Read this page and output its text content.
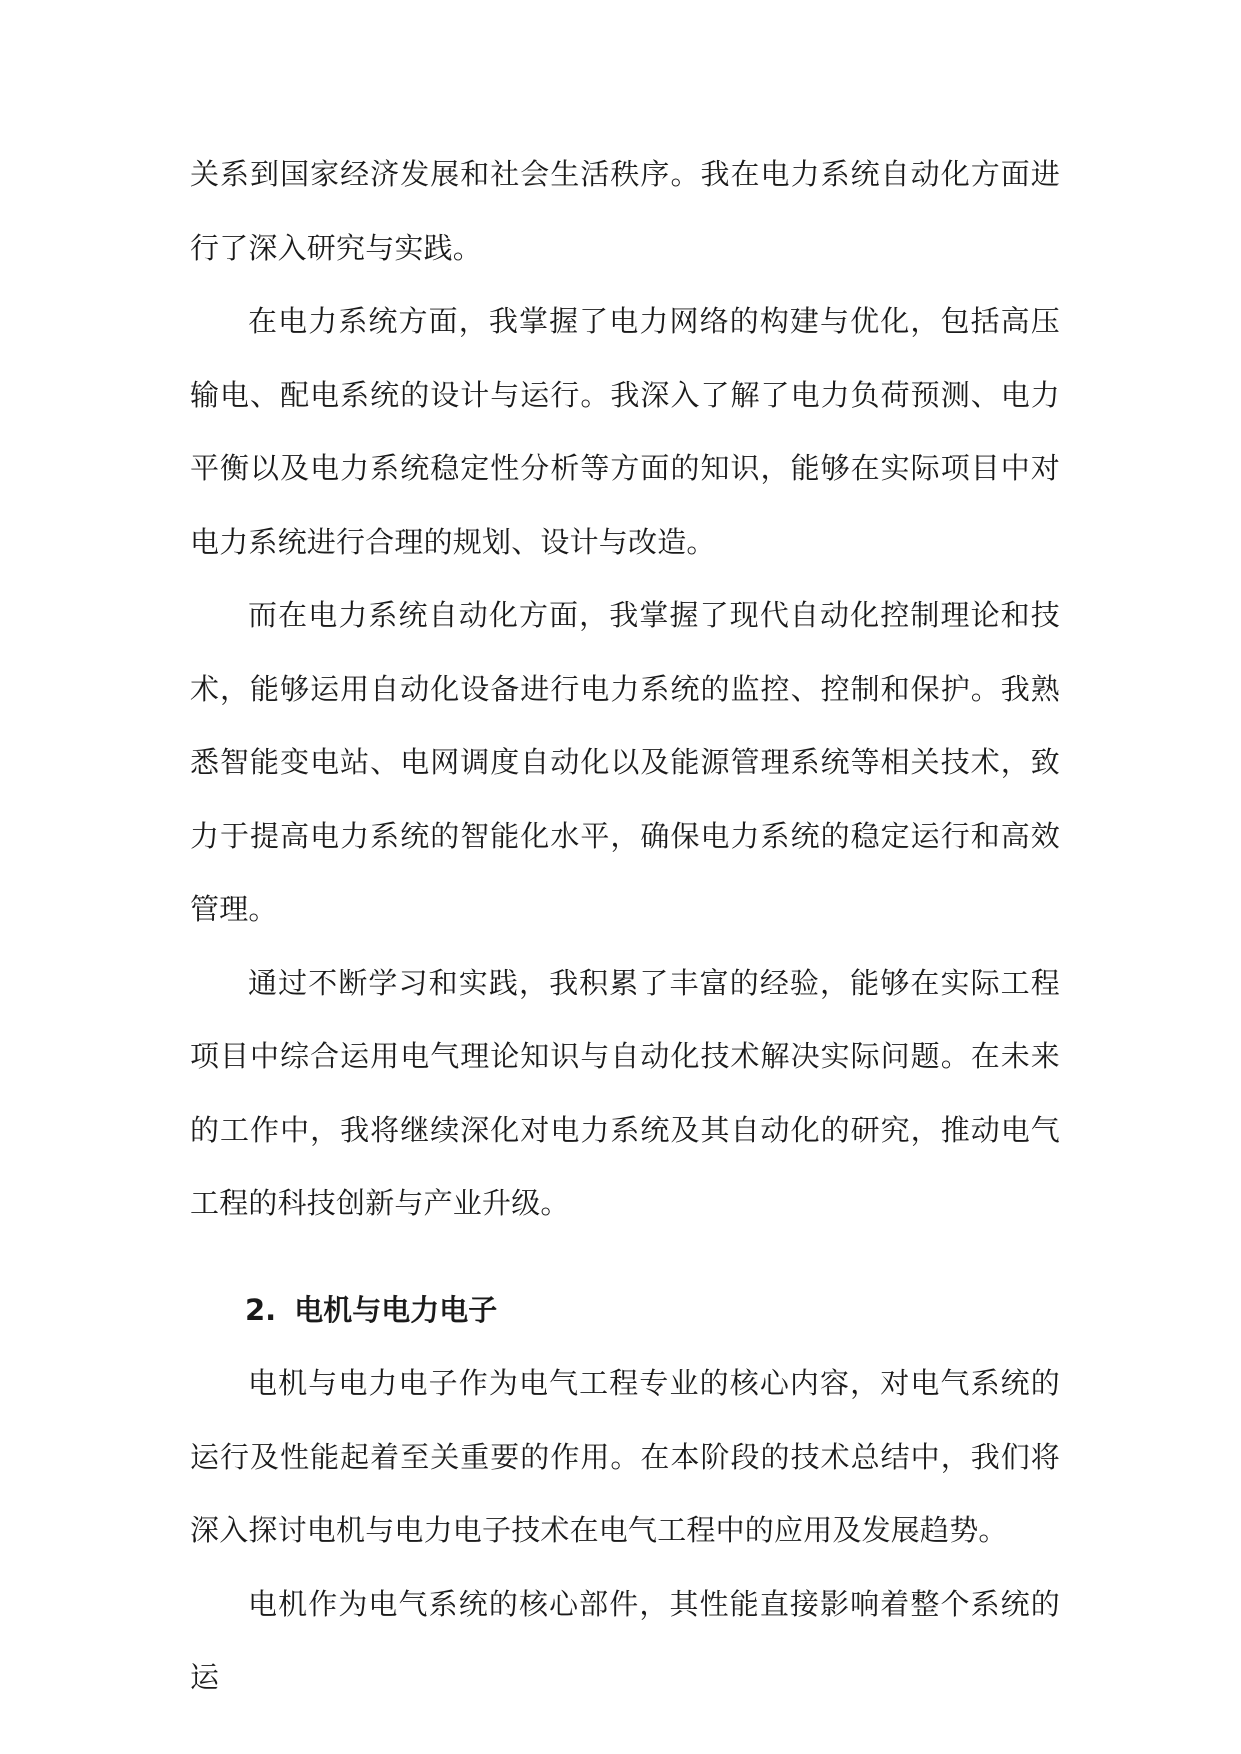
关系到国家经济发展和社会生活秩序。我在电力系统自动化方面进行了深入研究与实践。

在电力系统方面，我掌握了电力网络的构建与优化，包括高压输电、配电系统的设计与运行。我深入了解了电力负荷预测、电力平衡以及电力系统稳定性分析等方面的知识，能够在实际项目中对电力系统进行合理的规划、设计与改造。

而在电力系统自动化方面，我掌握了现代自动化控制理论和技术，能够运用自动化设备进行电力系统的监控、控制和保护。我熟悉智能变电站、电网调度自动化以及能源管理系统等相关技术，致力于提高电力系统的智能化水平，确保电力系统的稳定运行和高效管理。

通过不断学习和实践，我积累了丰富的经验，能够在实际工程项目中综合运用电气理论知识与自动化技术解决实际问题。在未来的工作中，我将继续深化对电力系统及其自动化的研究，推动电气工程的科技创新与产业升级。

2. 电机与电力电子

电机与电力电子作为电气工程专业的核心内容，对电气系统的运行及性能起着至关重要的作用。在本阶段的技术总结中，我们将深入探讨电机与电力电子技术在电气工程中的应用及发展趋势。

电机作为电气系统的核心部件，其性能直接影响着整个系统的运
